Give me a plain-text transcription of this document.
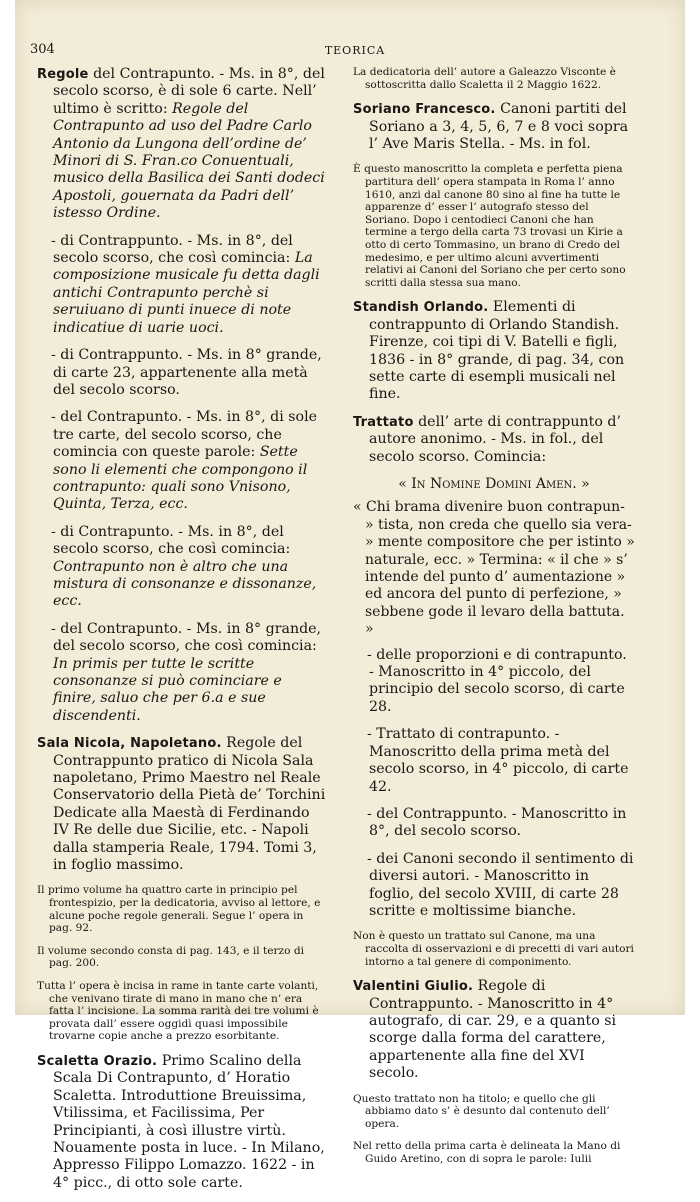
304	TEORICA
Regole del Contrapunto. - Ms. in 8°, del secolo scorso, è di sole 6 carte. Nell’ ultimo è scritto: Regole del Contrapunto ad uso del Padre Carlo Antonio da Lungona dell’ordine de’ Minori di S. Fran.co Conuentuali, musico della Basilica dei Santi dodeci Apostoli, gouernata da Padri dell’ istesso Ordine.
- di Contrappunto. - Ms. in 8°, del secolo scorso, che così comincia: La composizione musicale fu detta dagli antichi Contrapunto perchè si seruiuano di punti inuece di note indicatiue di uarie uoci.
- di Contrappunto. - Ms. in 8° grande, di carte 23, appartenente alla metà del secolo scorso.
- del Contrapunto. - Ms. in 8°, di sole tre carte, del secolo scorso, che comincia con queste parole: Sette sono li elementi che compongono il contrapunto: quali sono Vnisono, Quinta, Terza, ecc.
- di Contrapunto. - Ms. in 8°, del secolo scorso, che così comincia: Contrapunto non è altro che una mistura di consonanze e dissonanze, ecc.
- del Contrapunto. - Ms. in 8° grande, del secolo scorso, che così comincia: In primis per tutte le scritte consonanze si può cominciare e finire, saluo che per 6.a e sue discendenti.
Sala Nicola, Napoletano. Regole del Contrappunto pratico di Nicola Sala napoletano, Primo Maestro nel Reale Conservatorio della Pietà de’ Torchini Dedicate alla Maestà di Ferdinando IV Re delle due Sicilie, etc. - Napoli dalla stamperia Reale, 1794. Tomi 3, in foglio massimo.
Il primo volume ha quattro carte in principio pel frontespizio, per la dedicatoria, avviso al lettore, e alcune poche regole generali. Segue l’ opera in pag. 92.
Il volume secondo consta di pag. 143, e il terzo di pag. 200.
Tutta l’ opera è incisa in rame in tante carte volanti, che venivano tirate di mano in mano che n’ era fatta l’ incisione. La somma rarità dei tre volumi è provata dall’ essere oggidì quasi impossibile trovarne copie anche a prezzo esorbitante.
Scaletta Orazio. Primo Scalino della Scala Di Contrapunto, d’ Horatio Scaletta. Introduttione Breuissima, Vtilissima, et Facilissima, Per Principianti, à così illustre virtù. Nouamente posta in luce. - In Milano, Appresso Filippo Lomazzo. 1622 - in 4° picc., di otto sole carte.
La dedicatoria dell’ autore a Galeazzo Visconte è sottoscritta dallo Scaletta il 2 Maggio 1622.
Soriano Francesco. Canoni partiti del Soriano a 3, 4, 5, 6, 7 e 8 voci sopra l’ Ave Maris Stella. - Ms. in fol.
È questo manoscritto la completa e perfetta piena partitura dell’ opera stampata in Roma l’ anno 1610, anzi dal canone 80 sino al fine ha tutte le apparenze d’ esser l’ autografo stesso del Soriano. Dopo i centodieci Canoni che han termine a tergo della carta 73 trovasi un Kirie a otto di certo Tommasino, un brano di Credo del medesimo, e per ultimo alcuni avvertimenti relativi ai Canoni del Soriano che per certo sono scritti dalla stessa sua mano.
Standish Orlando. Elementi di contrappunto di Orlando Standish. Firenze, coi tipi di V. Batelli e figli, 1836 - in 8° grande, di pag. 34, con sette carte di esempli musicali nel fine.
Trattato dell’ arte di contrappunto d’ autore anonimo. - Ms. in fol., del secolo scorso. Comincia:
« In Nomine Domini Amen. »
« Chi brama divenire buon contrapun- » tista, non creda che quello sia vera- » mente compositore che per istinto » naturale, ecc. » Termina: « il che » s’ intende del punto d’ aumentazione » ed ancora del punto di perfezione, » sebbene gode il levaro della battuta. »
- delle proporzioni e di contrapunto. - Manoscritto in 4° piccolo, del principio del secolo scorso, di carte 28.
- Trattato di contrapunto. - Manoscritto della prima metà del secolo scorso, in 4° piccolo, di carte 42.
- del Contrappunto. - Manoscritto in 8°, del secolo scorso.
- dei Canoni secondo il sentimento di diversi autori. - Manoscritto in foglio, del secolo XVIII, di carte 28 scritte e moltissime bianche.
Non è questo un trattato sul Canone, ma una raccolta di osservazioni e di precetti di vari autori intorno a tal genere di componimento.
Valentini Giulio. Regole di Contrappunto. - Manoscritto in 4° autografo, di car. 29, e a quanto si scorge dalla forma del carattere, appartenente alla fine del XVI secolo.
Questo trattato non ha titolo; e quello che gli abbiamo dato s’ è desunto dal contenuto dell’ opera.
Nel retto della prima carta è delineata la Mano di Guido Aretino, con di sopra le parole: Iulii
